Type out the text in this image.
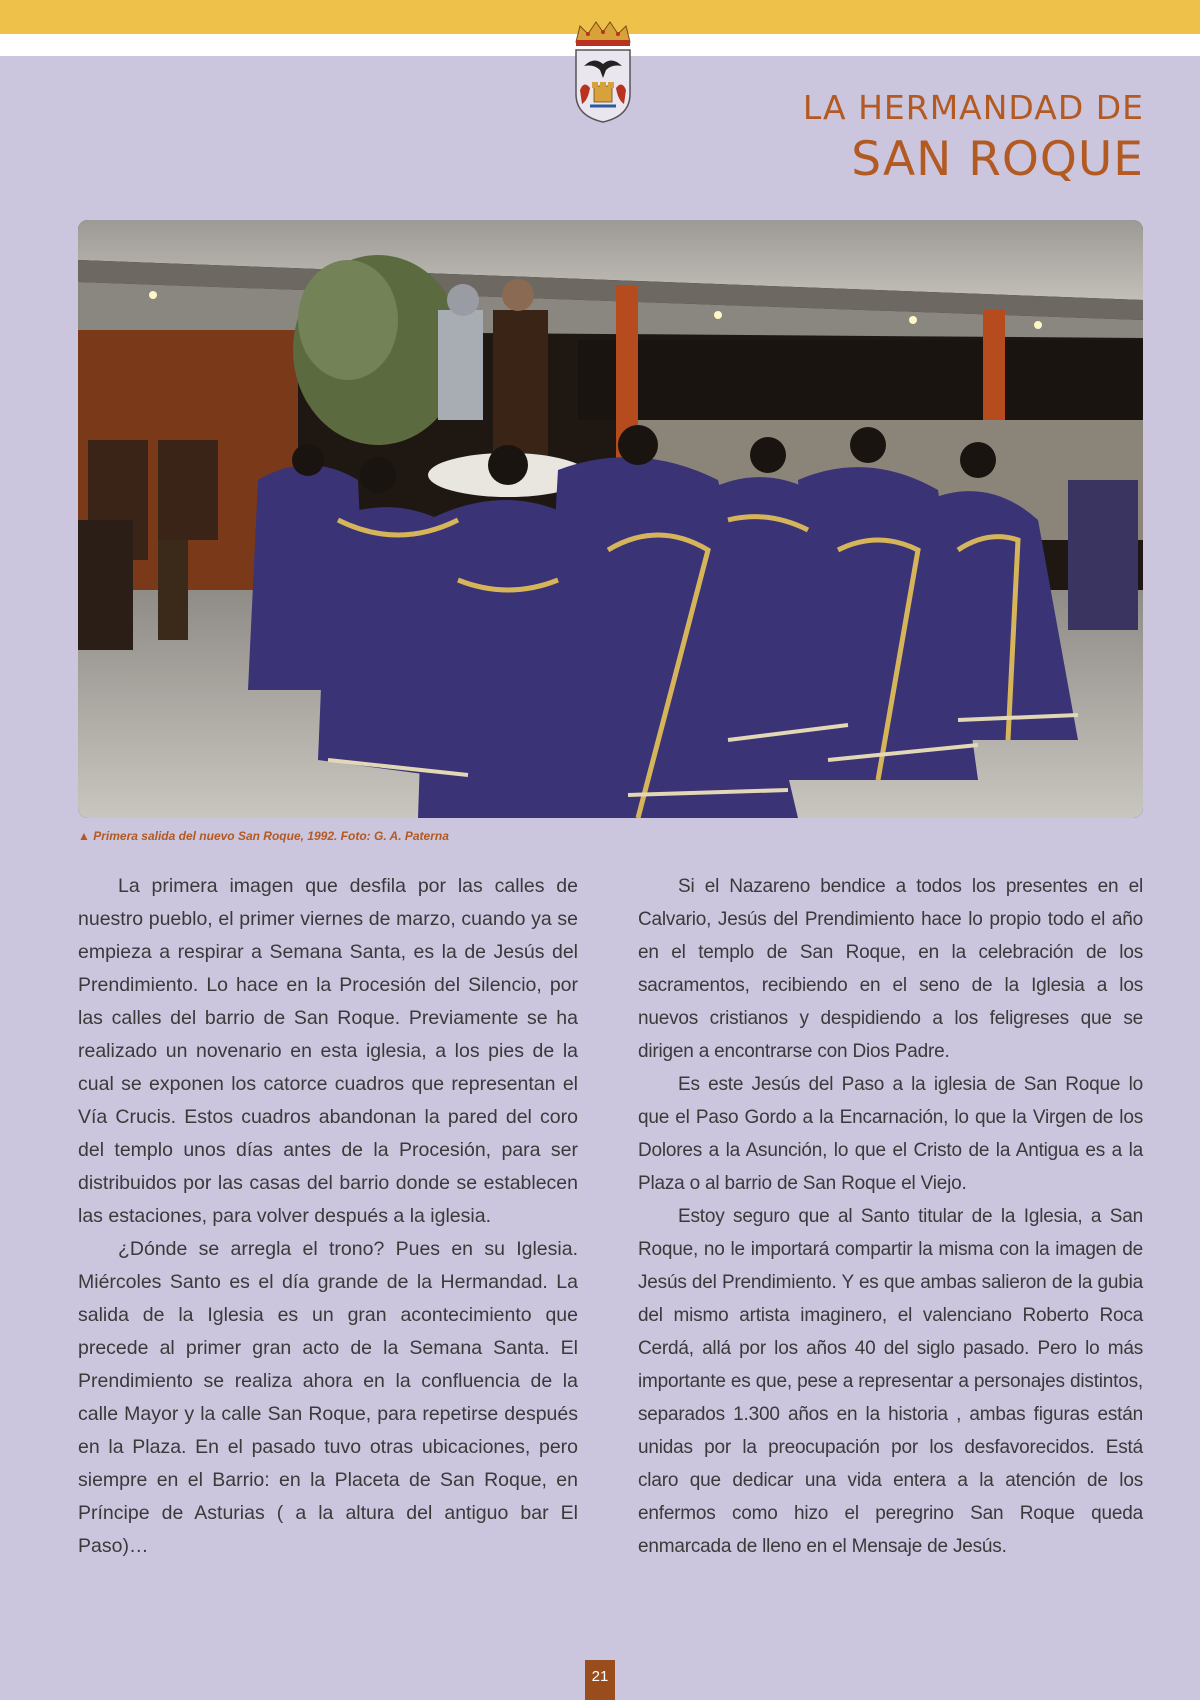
LA HERMANDAD DE
SAN ROQUE
▲ Primera salida del nuevo San Roque, 1992. Foto: G. A. Paterna

La primera imagen que desfila por las calles de nuestro pueblo, el primer viernes de marzo, cuando ya se empieza a respirar a Semana Santa, es la de Jesús del Prendimiento. Lo hace en la Procesión del Silencio, por las calles del barrio de San Roque. Previamente se ha realizado un novenario en esta iglesia, a los pies de la cual se exponen los catorce cuadros que representan el Vía Crucis. Estos cuadros abandonan la pared del coro del templo unos días antes de la Procesión, para ser distribuidos por las casas del barrio donde se establecen las estaciones, para volver después a la iglesia.

¿Dónde se arregla el trono? Pues en su Iglesia. Miércoles Santo es el día grande de la Hermandad. La salida de la Iglesia es un gran acontecimiento que precede al primer gran acto de la Semana Santa. El Prendimiento se realiza ahora en la confluencia de la calle Mayor y la calle San Roque, para repetirse después en la Plaza. En el pasado tuvo otras ubicaciones, pero siempre en el Barrio: en la Placeta de San Roque, en Príncipe de Asturias ( a la altura del antiguo bar El Paso)…

Si el Nazareno bendice a todos los presentes en el Calvario, Jesús del Prendimiento hace lo propio todo el año en el templo de San Roque, en la celebración de los sacramentos, recibiendo en el seno de la Iglesia a los nuevos cristianos y despidiendo a los feligreses que se dirigen a encontrarse con Dios Padre.

Es este Jesús del Paso a la iglesia de San Roque lo que el Paso Gordo a la Encarnación, lo que la Virgen de los Dolores a la Asunción, lo que el Cristo de la Antigua es a la Plaza o al barrio de San Roque el Viejo.

Estoy seguro que al Santo titular de la Iglesia, a San Roque, no le importará compartir la misma con la imagen de Jesús del Prendimiento. Y es que ambas salieron de la gubia del mismo artista imaginero, el valenciano Roberto Roca Cerdá, allá por los años 40 del siglo pasado. Pero lo más importante es que, pese a representar a personajes distintos, separados 1.300 años en la historia , ambas figuras están unidas por la preocupación por los desfavorecidos. Está claro que dedicar una vida entera a la atención de los enfermos como hizo el peregrino San Roque queda enmarcada de lleno en el Mensaje de Jesús.

21
